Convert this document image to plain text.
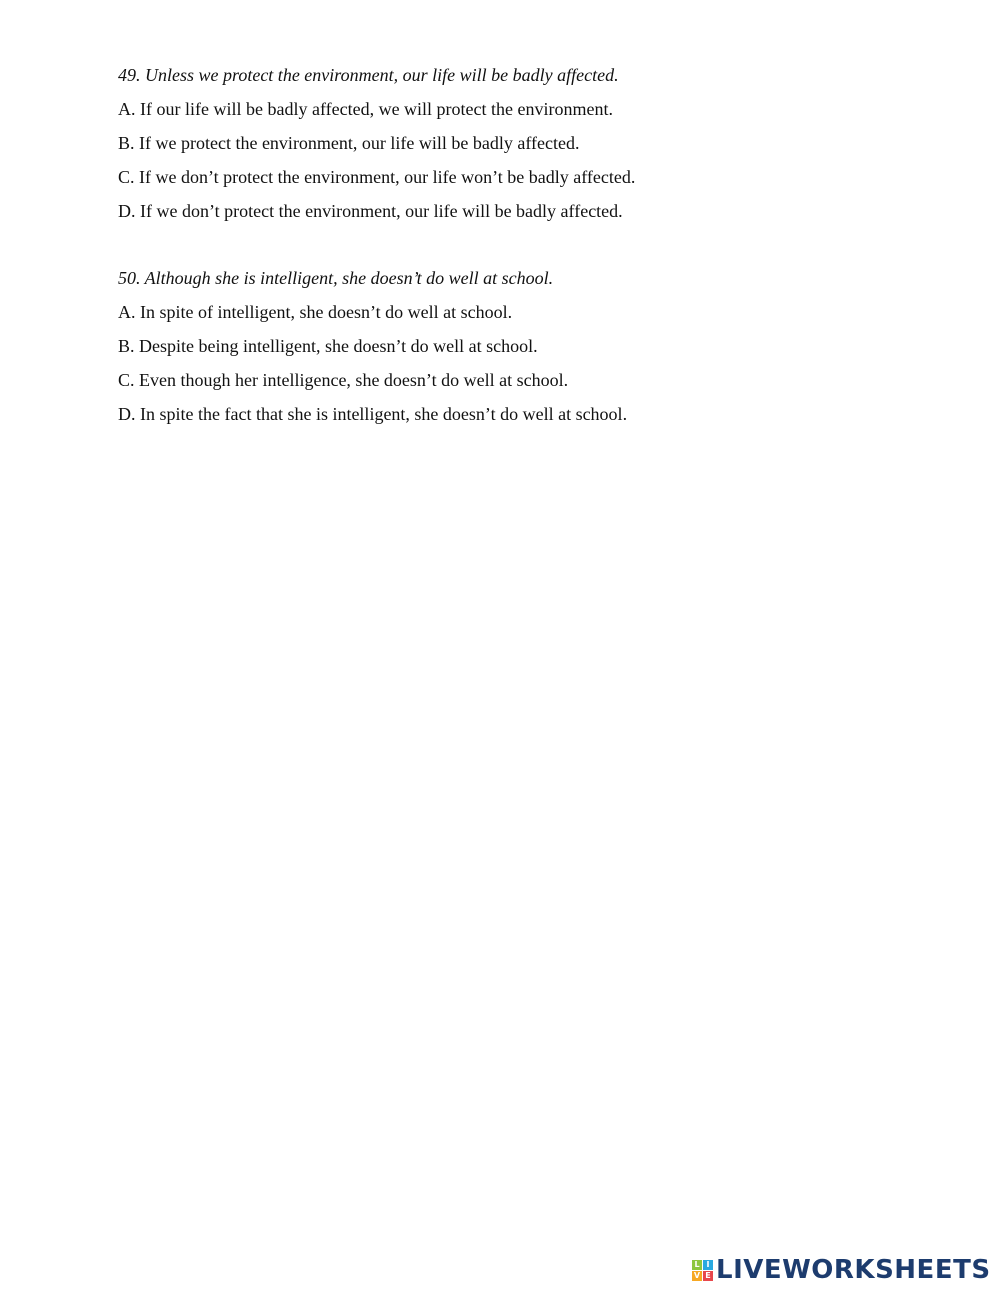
49. Unless we protect the environment, our life will be badly affected.
A. If our life will be badly affected, we will protect the environment.
B. If we protect the environment, our life will be badly affected.
C. If we don’t protect the environment, our life won’t be badly affected.
D. If we don’t protect the environment, our life will be badly affected.
50. Although she is intelligent, she doesn’t do well at school.
A. In spite of intelligent, she doesn’t do well at school.
B. Despite being intelligent, she doesn’t do well at school.
C. Even though her intelligence, she doesn’t do well at school.
D. In spite the fact that she is intelligent, she doesn’t do well at school.
L I
V E LIVEWORKSHEETS
